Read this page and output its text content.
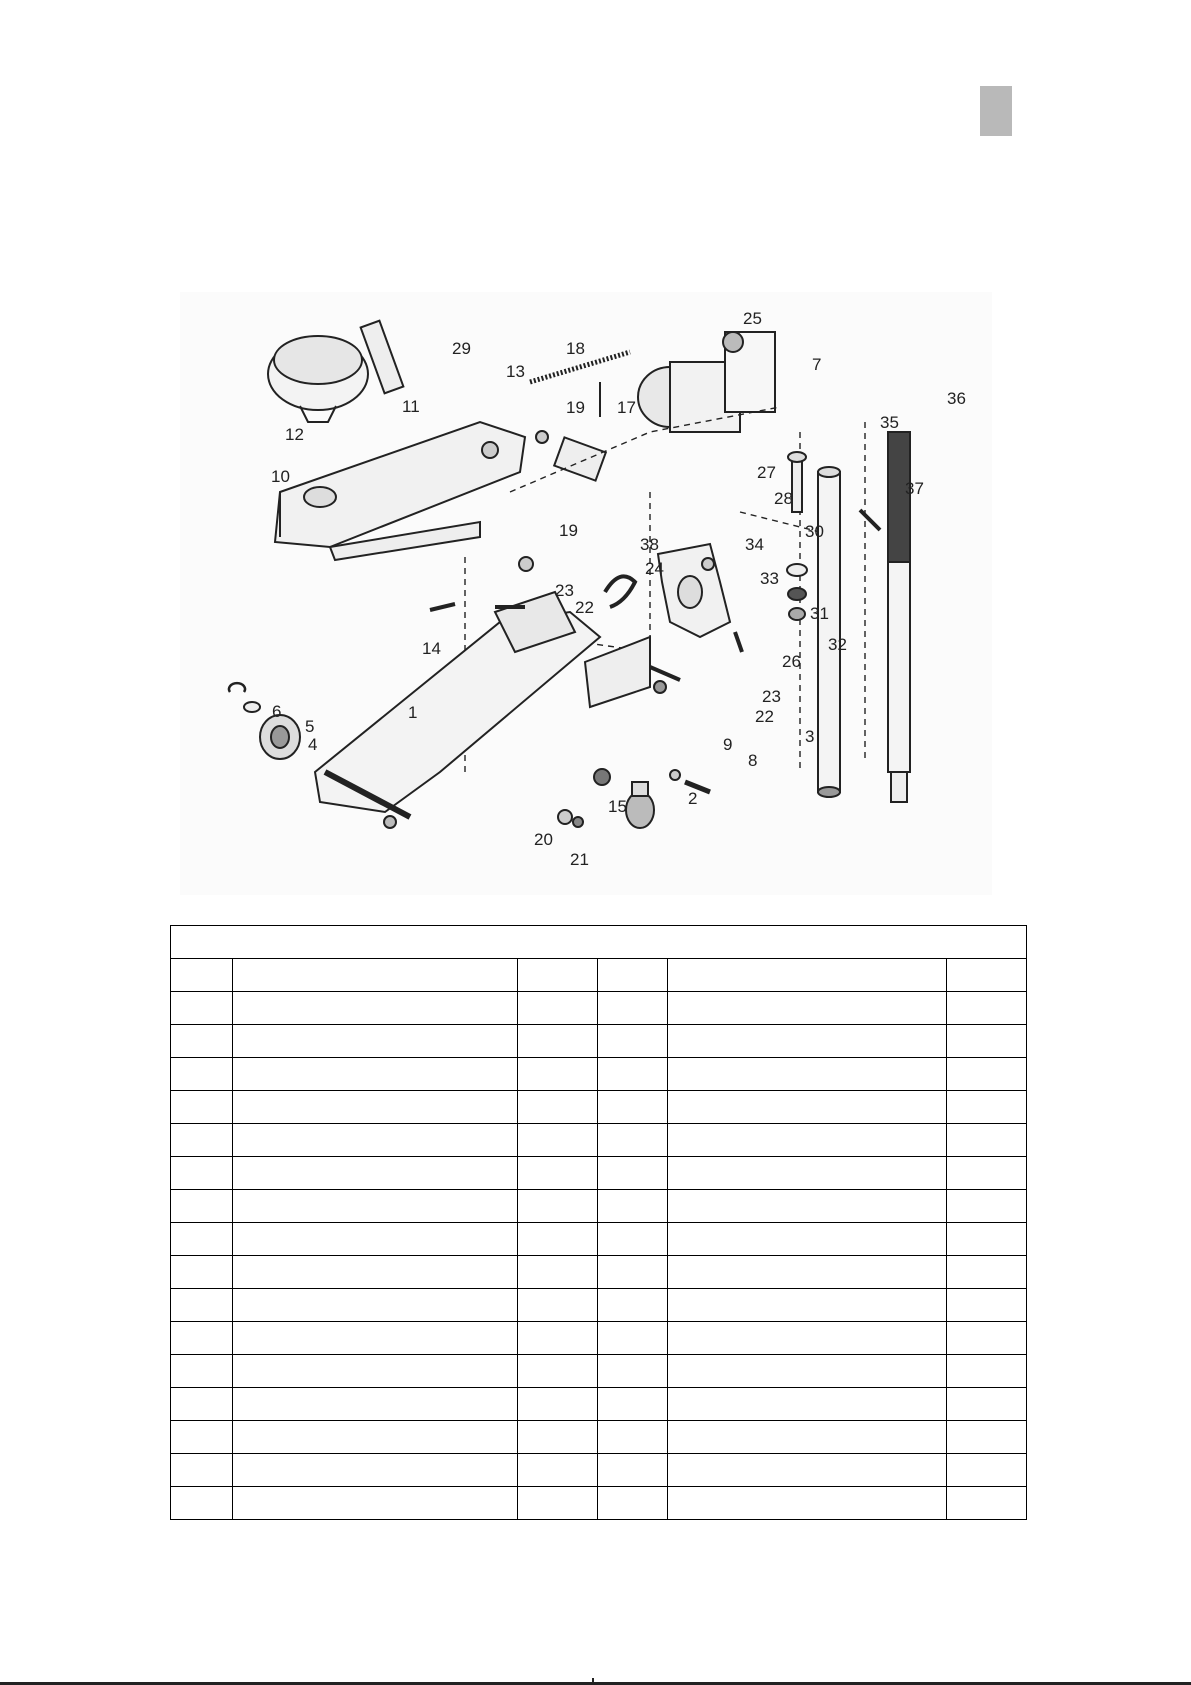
25
29	18
13	7
36
11	19 17
35
12
27
37
10
28
30
19
38	34
24
33
23
31
22
32
14
26
1
23
6	22
5
4	3
9
8
2
15
20
21
